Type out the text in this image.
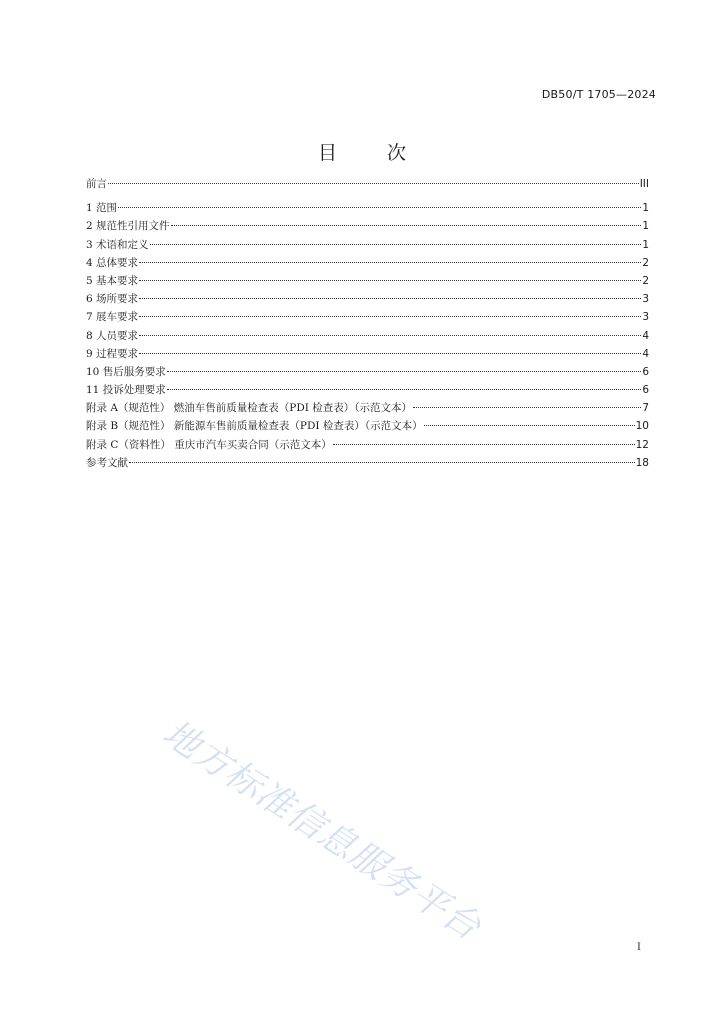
DB50/T 1705—2024
目 次
前言	III
1 范围	1
2 规范性引用文件	1
3 术语和定义	1
4 总体要求	2
5 基本要求	2
6 场所要求	3
7 展车要求	3
8 人员要求	4
9 过程要求	4
10 售后服务要求	6
11 投诉处理要求	6
附录 A（规范性） 燃油车售前质量检查表（PDI 检查表）（示范文本）	7
附录 B（规范性） 新能源车售前质量检查表（PDI 检查表）（示范文本）	10
附录 C（资料性） 重庆市汽车买卖合同（示范文本）	12
参考文献	18
地方标准信息服务平台	I
